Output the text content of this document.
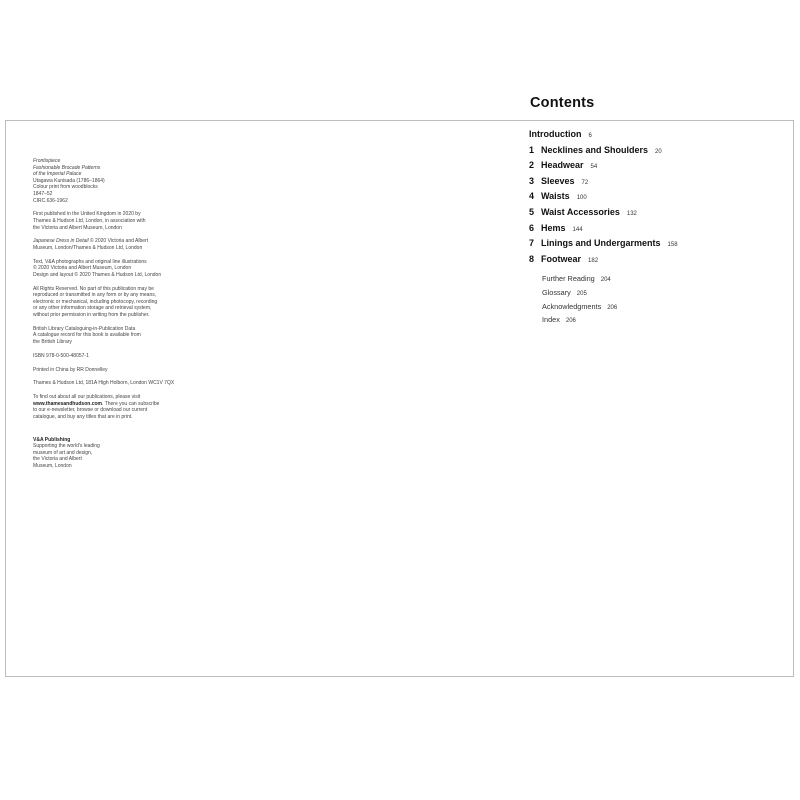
Frontispiece
Fashionable Brocade Patterns
of the Imperial Palace
Utagawa Kunisada (1786–1864)
Colour print from woodblocks
1847–52
CIRC.636-1962
First published in the United Kingdom in 2020 by
Thames & Hudson Ltd, London, in association with
the Victoria and Albert Museum, London
Japanese Dress in Detail © 2020 Victoria and Albert
Museum, London/Thames & Hudson Ltd, London
Text, V&A photographs and original line illustrations
© 2020 Victoria and Albert Museum, London
Design and layout © 2020 Thames & Hudson Ltd, London
All Rights Reserved. No part of this publication may be
reproduced or transmitted in any form or by any means,
electronic or mechanical, including photocopy, recording
or any other information storage and retrieval system,
without prior permission in writing from the publisher.
British Library Cataloguing-in-Publication Data
A catalogue record for this book is available from
the British Library
ISBN 978-0-500-48057-1
Printed in China by RR Donnelley
Thames & Hudson Ltd, 181A High Holborn, London WC1V 7QX
To find out about all our publications, please visit
www.thamesandhudson.com. There you can subscribe
to our e-newsletter, browse or download our current
catalogue, and buy any titles that are in print.
V&A Publishing
Supporting the world's leading
museum of art and design,
the Victoria and Albert
Museum, London
Contents
Introduction 6
1 Necklines and Shoulders 20
2 Headwear 54
3 Sleeves 72
4 Waists 100
5 Waist Accessories 132
6 Hems 144
7 Linings and Undergarments 158
8 Footwear 182
Further Reading 204
Glossary 205
Acknowledgments 206
Index 206
